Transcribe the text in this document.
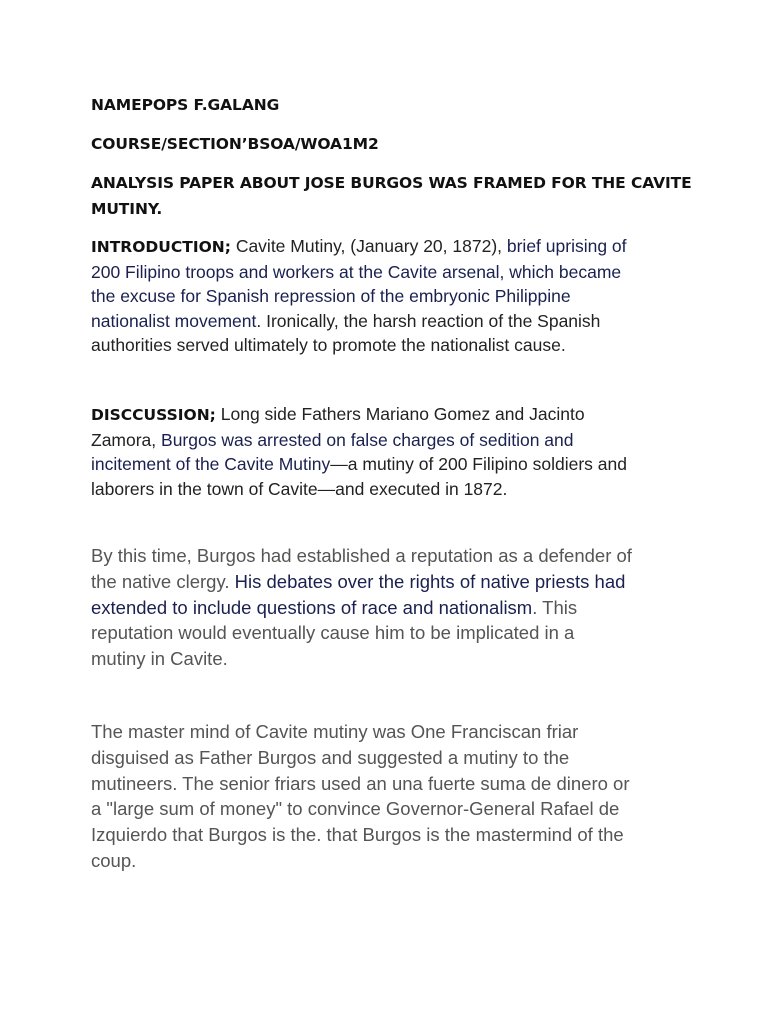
NAMEPOPS F.GALANG

COURSE/SECTION’BSOA/WOA1M2

ANALYSIS PAPER ABOUT JOSE BURGOS WAS FRAMED FOR THE CAVITE
MUTINY.

INTRODUCTION; Cavite Mutiny, (January 20, 1872), brief uprising of
200 Filipino troops and workers at the Cavite arsenal, which became
the excuse for Spanish repression of the embryonic Philippine
nationalist movement. Ironically, the harsh reaction of the Spanish
authorities served ultimately to promote the nationalist cause.

DISCCUSSION; Long side Fathers Mariano Gomez and Jacinto
Zamora, Burgos was arrested on false charges of sedition and
incitement of the Cavite Mutiny—a mutiny of 200 Filipino soldiers and
laborers in the town of Cavite—and executed in 1872.

By this time, Burgos had established a reputation as a defender of
the native clergy. His debates over the rights of native priests had
extended to include questions of race and nationalism. This
reputation would eventually cause him to be implicated in a
mutiny in Cavite.

The master mind of Cavite mutiny was One Franciscan friar
disguised as Father Burgos and suggested a mutiny to the
mutineers. The senior friars used an una fuerte suma de dinero or
a "large sum of money" to convince Governor-General Rafael de
Izquierdo that Burgos is the. that Burgos is the mastermind of the
coup.
